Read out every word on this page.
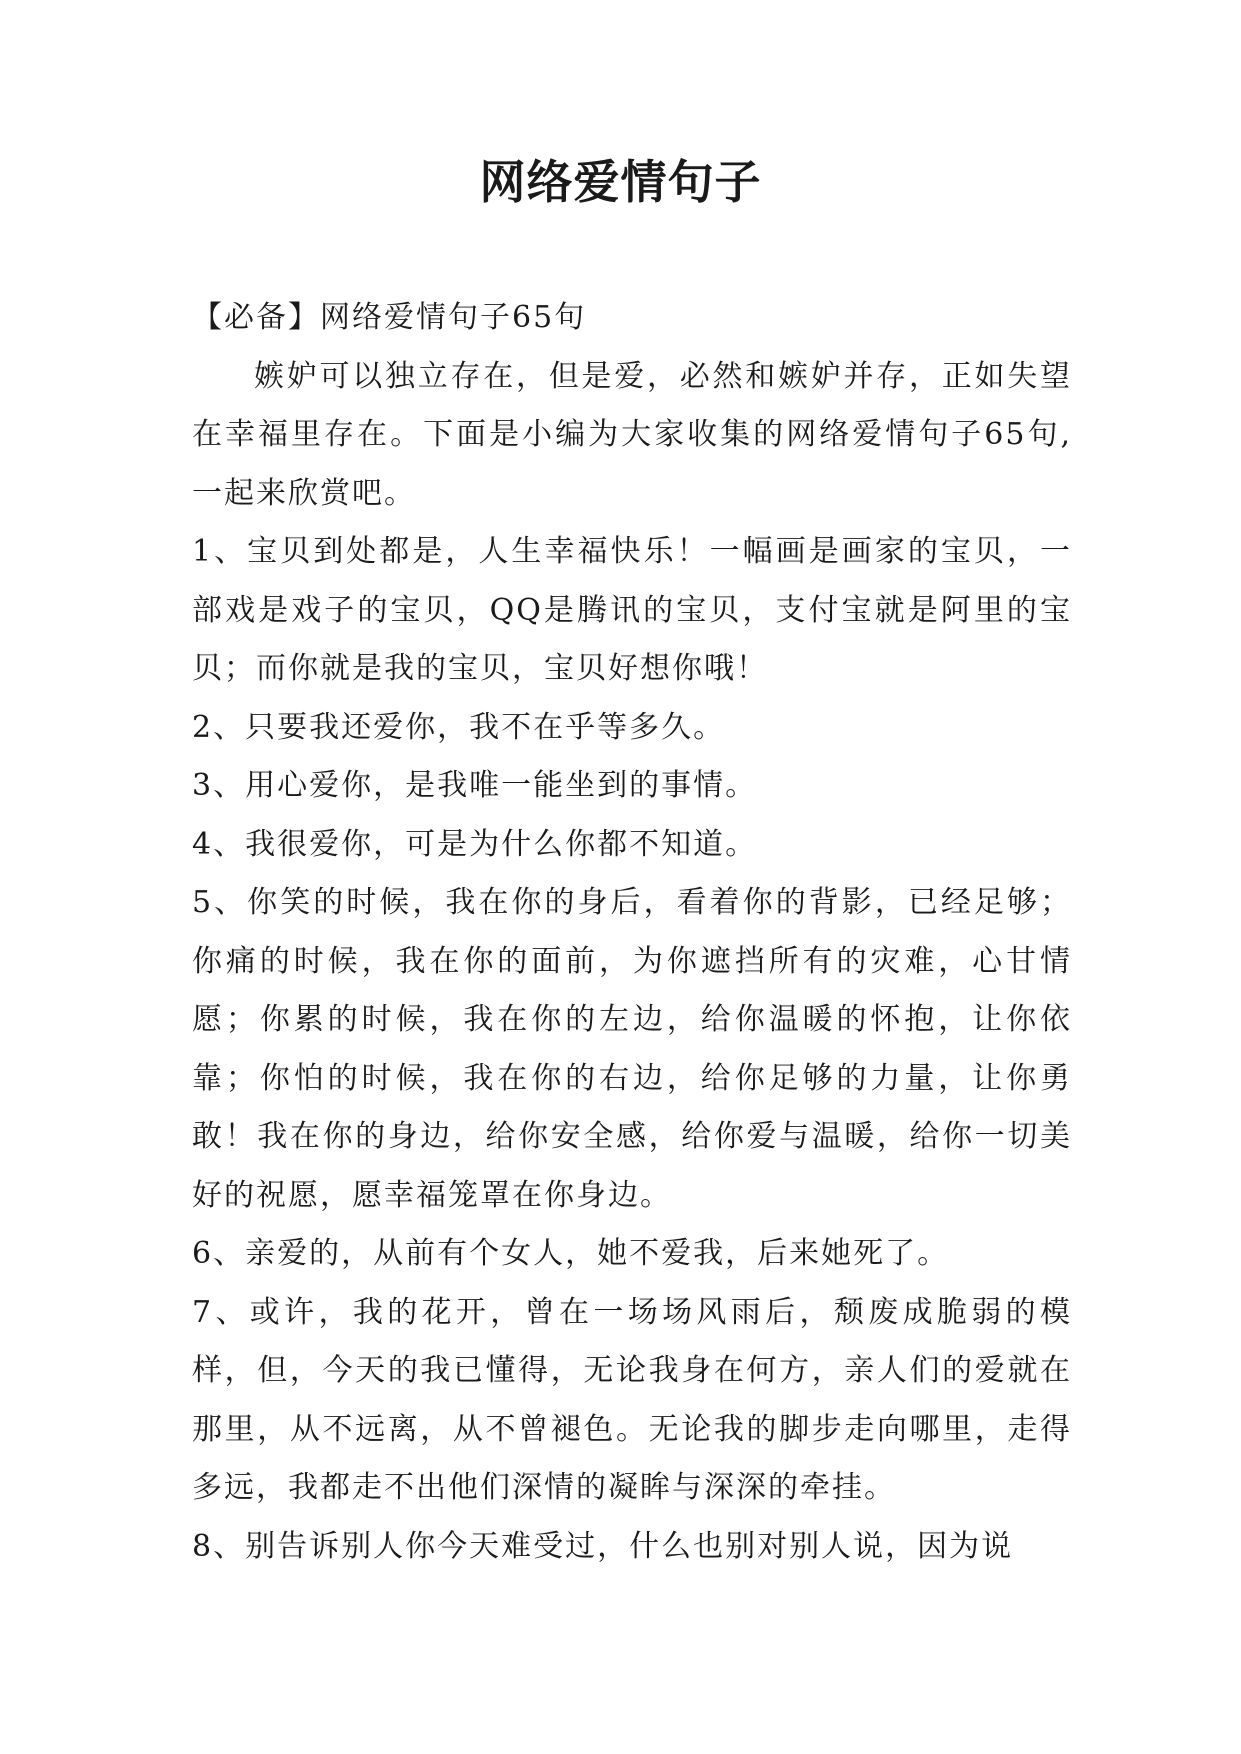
网络爱情句子

【必备】网络爱情句子65句

嫉妒可以独立存在，但是爱，必然和嫉妒并存，正如失望在幸福里存在。下面是小编为大家收集的网络爱情句子65句,一起来欣赏吧。

1、宝贝到处都是，人生幸福快乐！一幅画是画家的宝贝，一部戏是戏子的宝贝，QQ是腾讯的宝贝，支付宝就是阿里的宝贝；而你就是我的宝贝，宝贝好想你哦！

2、只要我还爱你，我不在乎等多久。

3、用心爱你，是我唯一能坐到的事情。

4、我很爱你，可是为什么你都不知道。

5、你笑的时候，我在你的身后，看着你的背影，已经足够；你痛的时候，我在你的面前，为你遮挡所有的灾难，心甘情愿；你累的时候，我在你的左边，给你温暖的怀抱，让你依靠；你怕的时候，我在你的右边，给你足够的力量，让你勇敢！我在你的身边，给你安全感，给你爱与温暖，给你一切美好的祝愿，愿幸福笼罩在你身边。

6、亲爱的，从前有个女人，她不爱我，后来她死了。

7、或许，我的花开，曾在一场场风雨后，颓废成脆弱的模样，但，今天的我已懂得，无论我身在何方，亲人们的爱就在那里，从不远离，从不曾褪色。无论我的脚步走向哪里，走得多远，我都走不出他们深情的凝眸与深深的牵挂。

8、别告诉别人你今天难受过，什么也别对别人说，因为说
